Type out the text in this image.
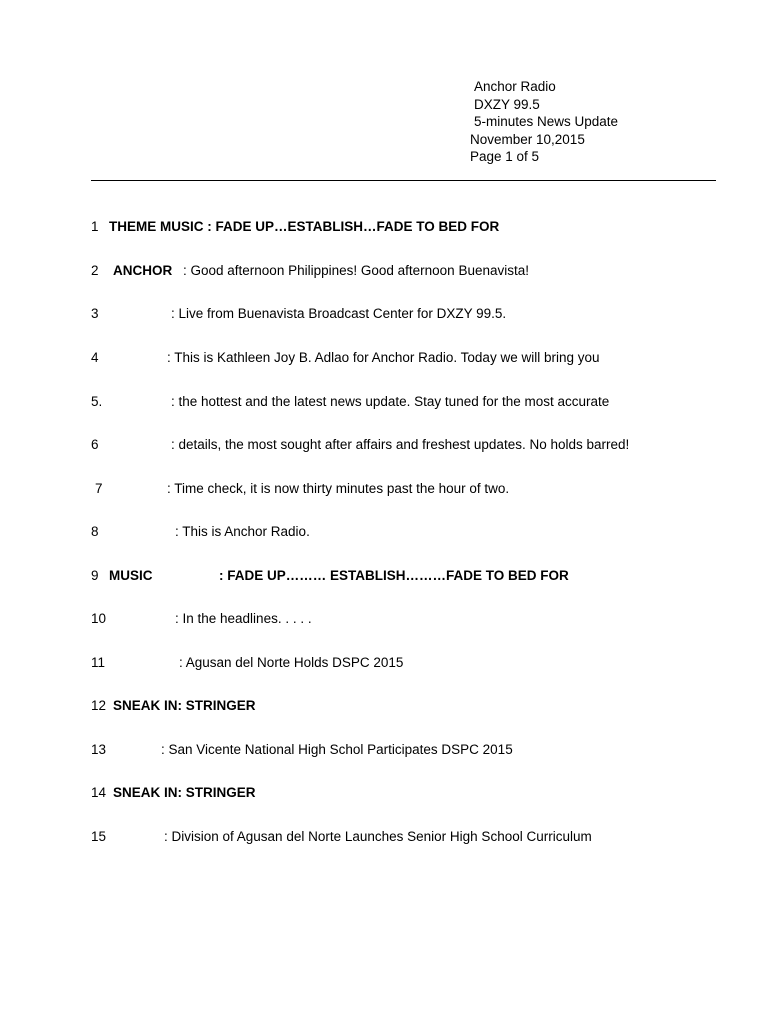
Anchor Radio
DXZY 99.5
5-minutes News Update
November 10,2015
Page 1 of 5
1 THEME MUSIC : FADE UP…ESTABLISH…FADE TO BED FOR
2 ANCHOR : Good afternoon Philippines! Good afternoon Buenavista!
3	: Live from Buenavista Broadcast Center for DXZY 99.5.
4	: This is Kathleen Joy B. Adlao for Anchor Radio. Today we will bring you
5.	: the hottest and the latest news update. Stay tuned for the most accurate
6	: details, the most sought after affairs and freshest updates. No holds barred!
7	: Time check, it is now thirty minutes past the hour of two.
8	: This is Anchor Radio.
9 MUSIC	: FADE UP……… ESTABLISH………FADE TO BED FOR
10	: In the headlines. . . . .
11	: Agusan del Norte Holds DSPC 2015
12 SNEAK IN: STRINGER
13	: San Vicente National High Schol Participates DSPC 2015
14 SNEAK IN: STRINGER
15	: Division of Agusan del Norte Launches Senior High School Curriculum
